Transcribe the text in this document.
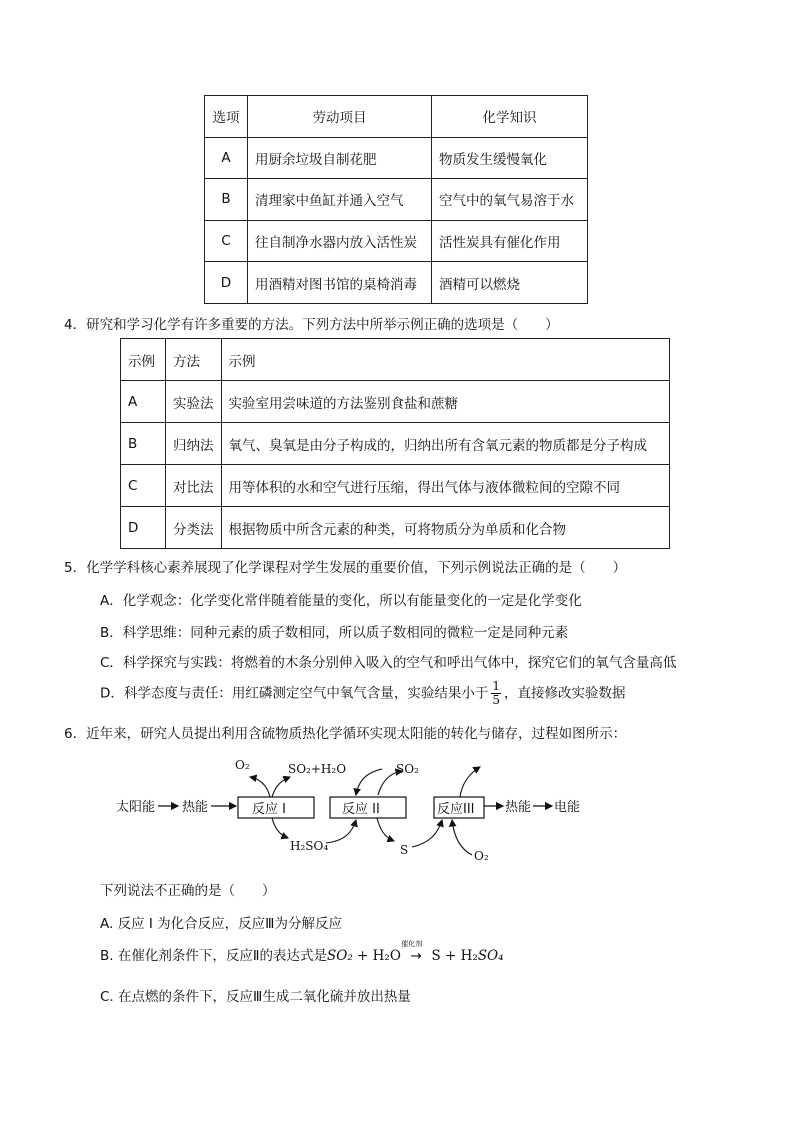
选项	劳动项目	化学知识
A	用厨余垃圾自制花肥	物质发生缓慢氧化
B	清理家中鱼缸并通入空气	空气中的氧气易溶于水
C	往自制净水器内放入活性炭	活性炭具有催化作用
D	用酒精对图书馆的桌椅消毒	酒精可以燃烧
4．研究和学习化学有许多重要的方法。下列方法中所举示例正确的选项是（　　）
示例	方法	示例
A	实验法	实验室用尝味道的方法鉴别食盐和蔗糖
B	归纳法	氧气、臭氧是由分子构成的，归纳出所有含氧元素的物质都是分子构成
C	对比法	用等体积的水和空气进行压缩，得出气体与液体微粒间的空隙不同
D	分类法	根据物质中所含元素的种类，可将物质分为单质和化合物
5．化学学科核心素养展现了化学课程对学生发展的重要价值，下列示例说法正确的是（　　）
A．化学观念：化学变化常伴随着能量的变化，所以有能量变化的一定是化学变化
B．科学思维：同种元素的质子数相同，所以质子数相同的微粒一定是同种元素
C．科学探究与实践：将燃着的木条分别伸入吸入的空气和呼出气体中，探究它们的氧气含量高低
D．科学态度与责任：用红磷测定空气中氧气含量，实验结果小于 $\frac{1}{5}$ ，直接修改实验数据
6．近年来，研究人员提出利用含硫物质热化学循环实现太阳能的转化与储存，过程如图所示：
太阳能 热能	反应 I	反应 II	反应III 热能 电能
O₂	SO₂+H₂O	SO₂
H₂SO₄	S	O₂
下列说法不正确的是（　　）
A. 反应 I 为化合反应，反应Ⅲ为分解反应
B. 在催化剂条件下，反应Ⅱ的表达式是SO₂ + H₂O
催化剂
→ S + H₂SO₄
C. 在点燃的条件下，反应Ⅲ生成二氧化硫并放出热量
